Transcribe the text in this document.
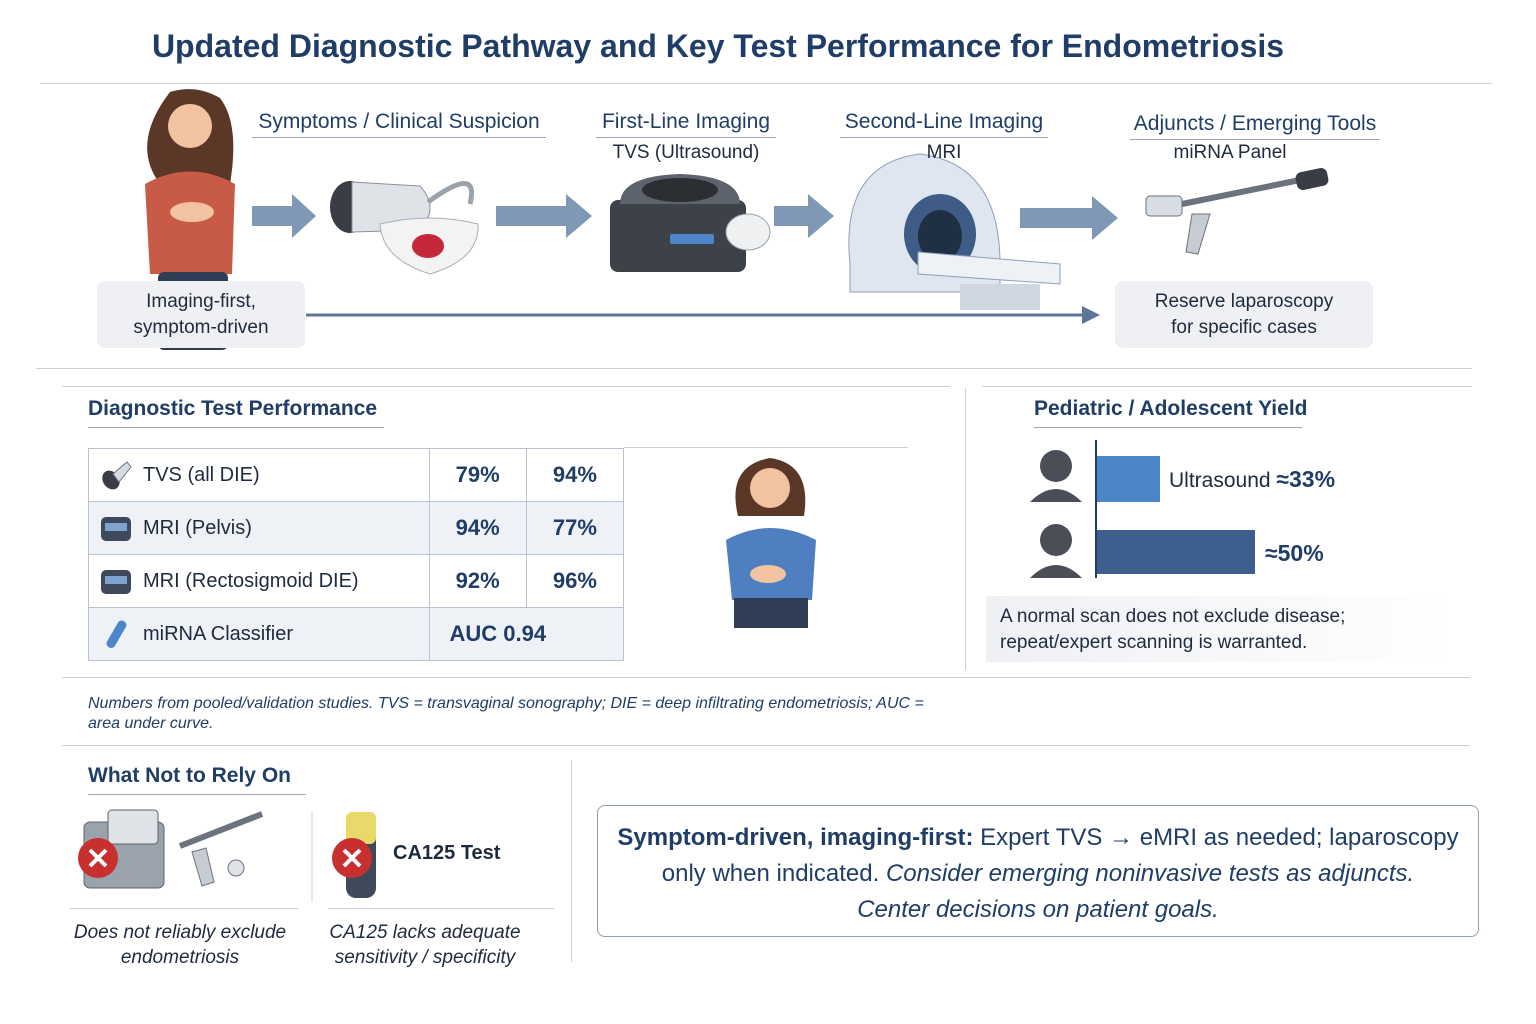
Updated Diagnostic Pathway and Key Test Performance for Endometriosis
Symptoms / Clinical Suspicion	First-Line Imaging
TVS (Ultrasound)
Second-Line Imaging
MRI
Adjuncts / Emerging Tools
miRNA Panel
Imaging-first,
symptom-driven
Reserve laparoscopy
for specific cases
Diagnostic Test Performance
TVS (all DIE)	79%	94%

MRI (Pelvis)	94%	77%

MRI (Rectosigmoid DIE)	92%	96%

miRNA Classifier	AUC 0.94	
Numbers from pooled/validation studies. TVS = transvaginal sonography; DIE = deep infiltrating endometriosis; AUC = area under curve.
Pediatric / Adolescent Yield
Ultrasound ≈33%
≈50%
A normal scan does not exclude disease;
repeat/expert scanning is warranted.
What Not to Rely On
CA125 Test
Does not reliably exclude
endometriosis
CA125 lacks adequate
sensitivity / specificity
Symptom-driven, imaging-first: Expert TVS → eMRI as needed; laparoscopy
only when indicated. Consider emerging noninvasive tests as adjuncts.
Center decisions on patient goals.
